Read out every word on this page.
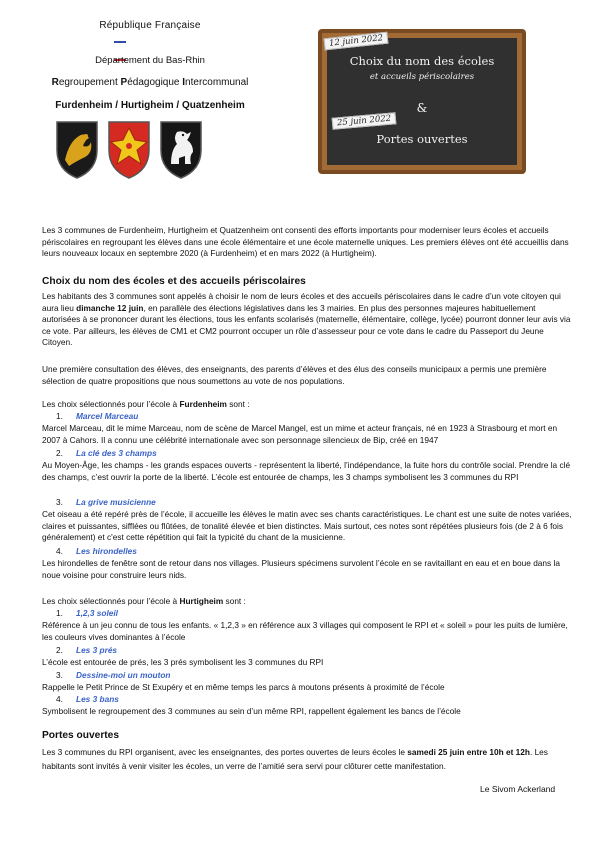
République Française
Département du Bas-Rhin
Regroupement Pédagogique Intercommunal
Furdenheim / Hurtigheim / Quatzenheim
Choix du nom des écoles
et accueils périscolaires
&
Portes ouvertes
12 juin 2022
25 juin 2022
Les 3 communes de Furdenheim, Hurtigheim et Quatzenheim ont consenti des efforts importants pour moderniser leurs écoles et accueils périscolaires en regroupant les élèves dans une école élémentaire et une école maternelle uniques. Les premiers élèves ont été accueillis dans leurs nouveaux locaux en septembre 2020 (à Furdenheim) et en mars 2022 (à Hurtigheim).
Choix du nom des écoles et des accueils périscolaires
Les habitants des 3 communes sont appelés à choisir le nom de leurs écoles et des accueils périscolaires dans le cadre d’un vote citoyen qui aura lieu dimanche 12 juin, en parallèle des élections législatives dans les 3 mairies. En plus des personnes majeures habituellement autorisées à se prononcer durant les élections, tous les enfants scolarisés (maternelle, élémentaire, collège, lycée) pourront donner leur avis via ce vote. Par ailleurs, les élèves de CM1 et CM2 pourront occuper un rôle d’assesseur pour ce vote dans le cadre du Passeport du Jeune Citoyen.
Une première consultation des élèves, des enseignants, des parents d’élèves et des élus des conseils municipaux a permis une première sélection de quatre propositions que nous soumettons au vote de nos populations.
Les choix sélectionnés pour l’école à Furdenheim sont :
1. Marcel Marceau
Marcel Marceau, dit le mime Marceau, nom de scène de Marcel Mangel, est un mime et acteur français, né en 1923 à Strasbourg et mort en 2007 à Cahors. Il a connu une célébrité internationale avec son personnage silencieux de Bip, créé en 1947
2. La clé des 3 champs
Au Moyen-Âge, les champs - les grands espaces ouverts - représentent la liberté, l’indépendance, la fuite hors du contrôle social. Prendre la clé des champs, c’est ouvrir la porte de la liberté. L’école est entourée de champs, les 3 champs symbolisent les 3 communes du RPI
3. La grive musicienne
Cet oiseau a été repéré près de l’école, il accueille les élèves le matin avec ses chants caractéristiques. Le chant est une suite de notes variées, claires et puissantes, sifflées ou flûtées, de tonalité élevée et bien distinctes. Mais surtout, ces notes sont répétées plusieurs fois (de 2 à 6 fois généralement) et c'est cette répétition qui fait la typicité du chant de la musicienne.
4. Les hirondelles
Les hirondelles de fenêtre sont de retour dans nos villages. Plusieurs spécimens survolent l’école en se ravitaillant en eau et en boue dans la noue voisine pour construire leurs nids.
Les choix sélectionnés pour l’école à Hurtigheim sont :
1. 1,2,3 soleil
Référence à un jeu connu de tous les enfants. « 1,2,3 » en référence aux 3 villages qui composent le RPI et « soleil » pour les puits de lumière, les couleurs vives dominantes à l’école
2. Les 3 prés
L’école est entourée de prés, les 3 prés symbolisent les 3 communes du RPI
3. Dessine-moi un mouton
Rappelle le Petit Prince de St Exupéry et en même temps les parcs à moutons présents à proximité de l’école
4. Les 3 bans
Symbolisent le regroupement des 3 communes au sein d’un même RPI, rappellent également les bancs de l’école
Portes ouvertes
Les 3 communes du RPI organisent, avec les enseignantes, des portes ouvertes de leurs écoles le samedi 25 juin entre 10h et 12h. Les habitants sont invités à venir visiter les écoles, un verre de l’amitié sera servi pour clôturer cette manifestation.
Le Sivom Ackerland
